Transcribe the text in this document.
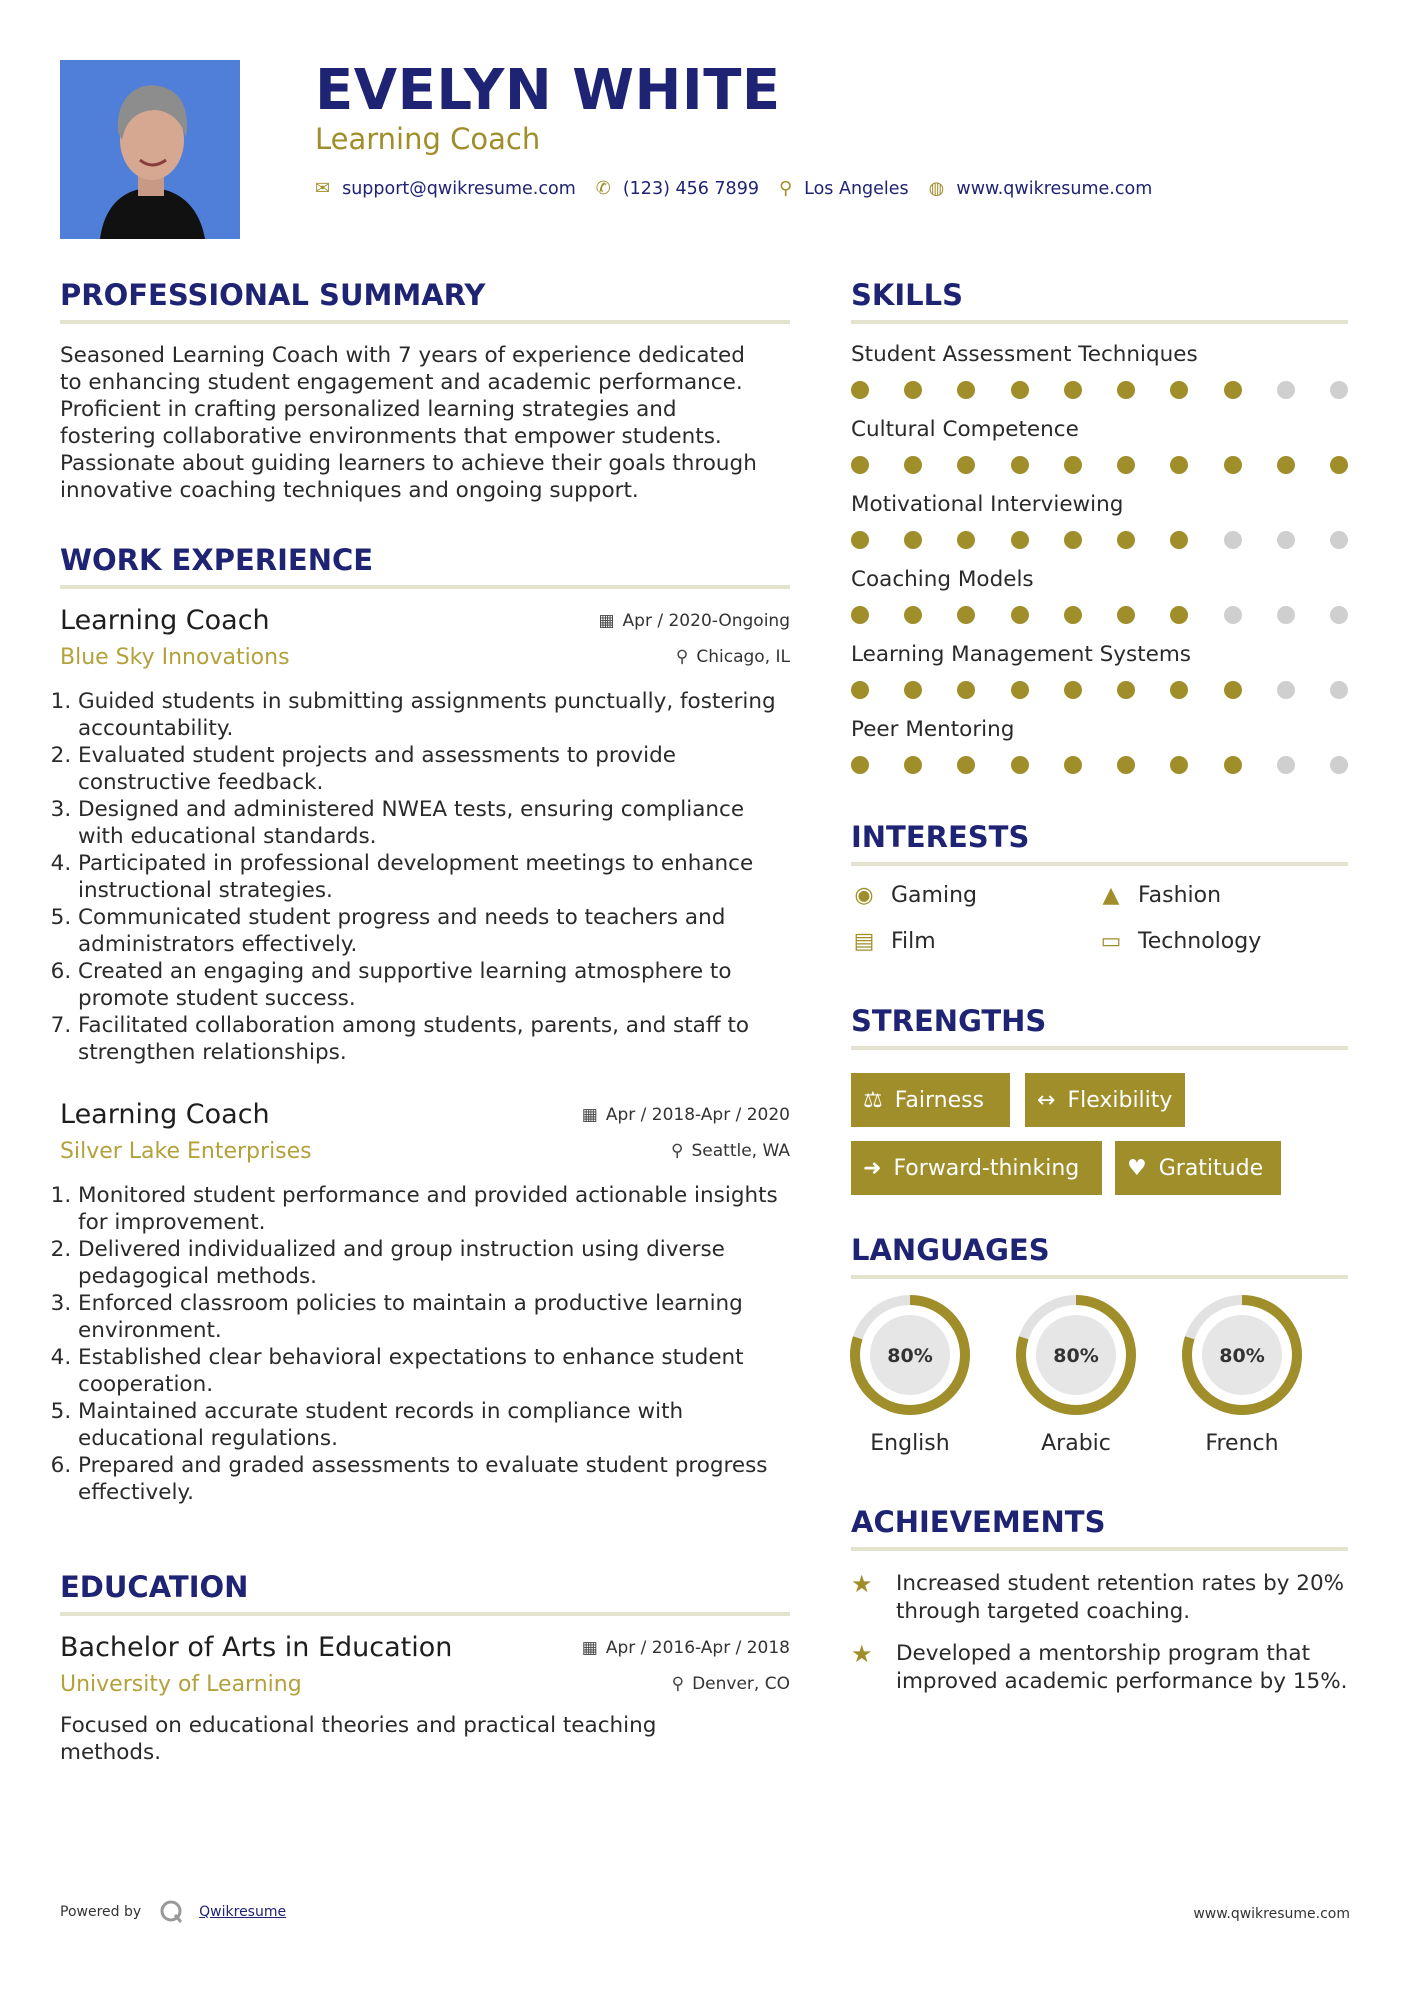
EVELYN WHITE
Learning Coach
✉ support@qwikresume.com ✆ (123) 456 7899 ⚲ Los Angeles ◍ www.qwikresume.com
PROFESSIONAL SUMMARY
Seasoned Learning Coach with 7 years of experience dedicated
to enhancing student engagement and academic performance.
Proficient in crafting personalized learning strategies and
fostering collaborative environments that empower students.
Passionate about guiding learners to achieve their goals through
innovative coaching techniques and ongoing support.
WORK EXPERIENCE
Learning Coach
Blue Sky Innovations
▦ Apr / 2020-Ongoing
⚲ Chicago, IL
1. Guided students in submitting assignments punctually, fostering accountability.
2. Evaluated student projects and assessments to provide constructive feedback.
3. Designed and administered NWEA tests, ensuring compliance with educational standards.
4. Participated in professional development meetings to enhance instructional strategies.
5. Communicated student progress and needs to teachers and administrators effectively.
6. Created an engaging and supportive learning atmosphere to promote student success.
7. Facilitated collaboration among students, parents, and staff to strengthen relationships.
Learning Coach
Silver Lake Enterprises
▦ Apr / 2018-Apr / 2020
⚲ Seattle, WA
1. Monitored student performance and provided actionable insights for improvement.
2. Delivered individualized and group instruction using diverse pedagogical methods.
3. Enforced classroom policies to maintain a productive learning environment.
4. Established clear behavioral expectations to enhance student cooperation.
5. Maintained accurate student records in compliance with educational regulations.
6. Prepared and graded assessments to evaluate student progress effectively.
EDUCATION
Bachelor of Arts in Education
University of Learning
▦ Apr / 2016-Apr / 2018
⚲ Denver, CO
Focused on educational theories and practical teaching methods.
SKILLS
Student Assessment Techniques
Cultural Competence
Motivational Interviewing
Coaching Models
Learning Management Systems
Peer Mentoring
INTERESTS
◉ Gaming	▲ Fashion
▤ Film	▭ Technology
STRENGTHS
⚖ Fairness ↔ Flexibility
➜ Forward-thinking ♥ Gratitude
LANGUAGES
80%
English
80%
Arabic
80%
French
ACHIEVEMENTS
★	Increased student retention rates by 20% through targeted coaching.
★	Developed a mentorship program that improved academic performance by 15%.
Powered by	Qwikresume	www.qwikresume.com
